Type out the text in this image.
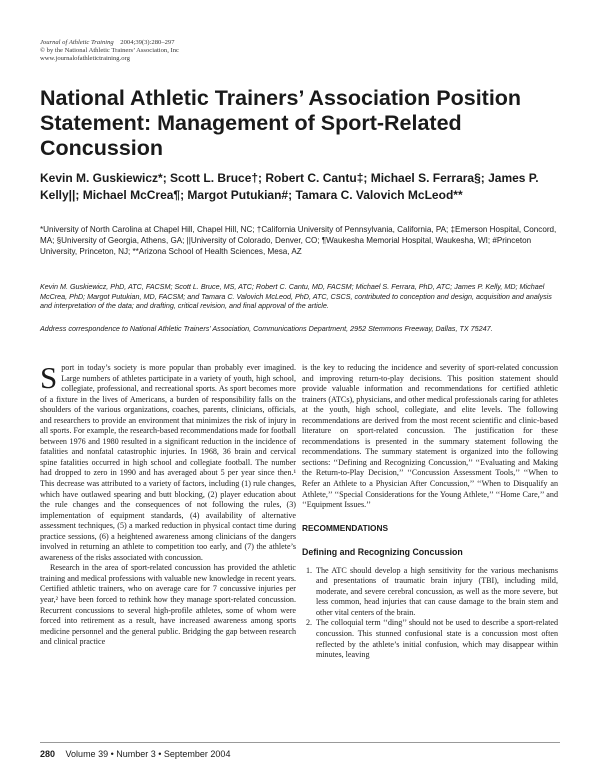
Journal of Athletic Training 2004;39(3):280–297
© by the National Athletic Trainers’ Association, Inc
www.journalofathletictraining.org
National Athletic Trainers’ Association Position Statement: Management of Sport-Related Concussion
Kevin M. Guskiewicz*; Scott L. Bruce†; Robert C. Cantu‡; Michael S. Ferrara§; James P. Kelly||; Michael McCrea¶; Margot Putukian#; Tamara C. Valovich McLeod**
*University of North Carolina at Chapel Hill, Chapel Hill, NC; †California University of Pennsylvania, California, PA; ‡Emerson Hospital, Concord, MA; §University of Georgia, Athens, GA; ||University of Colorado, Denver, CO; ¶Waukesha Memorial Hospital, Waukesha, WI; #Princeton University, Princeton, NJ; **Arizona School of Health Sciences, Mesa, AZ
Kevin M. Guskiewicz, PhD, ATC, FACSM; Scott L. Bruce, MS, ATC; Robert C. Cantu, MD, FACSM; Michael S. Ferrara, PhD, ATC; James P. Kelly, MD; Michael McCrea, PhD; Margot Putukian, MD, FACSM; and Tamara C. Valovich McLeod, PhD, ATC, CSCS, contributed to conception and design, acquisition and analysis and interpretation of the data; and drafting, critical revision, and final approval of the article.
Address correspondence to National Athletic Trainers’ Association, Communications Department, 2952 Stemmons Freeway, Dallas, TX 75247.

Sport in today’s society is more popular than probably ever imagined. Large numbers of athletes participate in a variety of youth, high school, collegiate, professional, and recreational sports. As sport becomes more of a fixture in the lives of Americans, a burden of responsibility falls on the shoulders of the various organizations, coaches, parents, clinicians, officials, and researchers to provide an environment that minimizes the risk of injury in all sports. For example, the research-based recommendations made for football between 1976 and 1980 resulted in a significant reduction in the incidence of fatalities and nonfatal catastrophic injuries. In 1968, 36 brain and cervical spine fatalities occurred in high school and collegiate football. The number had dropped to zero in 1990 and has averaged about 5 per year since then.¹ This decrease was attributed to a variety of factors, including (1) rule changes, which have outlawed spearing and butt blocking, (2) player education about the rule changes and the consequences of not following the rules, (3) implementation of equipment standards, (4) availability of alternative assessment techniques, (5) a marked reduction in physical contact time during practice sessions, (6) a heightened awareness among clinicians of the dangers involved in returning an athlete to competition too early, and (7) the athlete’s awareness of the risks associated with concussion.

Research in the area of sport-related concussion has provided the athletic training and medical professions with valuable new knowledge in recent years. Certified athletic trainers, who on average care for 7 concussive injuries per year,² have been forced to rethink how they manage sport-related concussion. Recurrent concussions to several high-profile athletes, some of whom were forced into retirement as a result, have increased awareness among sports medicine personnel and the general public. Bridging the gap between research and clinical practice

is the key to reducing the incidence and severity of sport-related concussion and improving return-to-play decisions. This position statement should provide valuable information and recommendations for certified athletic trainers (ATCs), physicians, and other medical professionals caring for athletes at the youth, high school, collegiate, and elite levels. The following recommendations are derived from the most recent scientific and clinic-based literature on sport-related concussion. The justification for these recommendations is presented in the summary statement following the recommendations. The summary statement is organized into the following sections: ‘‘Defining and Recognizing Concussion,’’ ‘‘Evaluating and Making the Return-to-Play Decision,’’ ‘‘Concussion Assessment Tools,’’ ‘‘When to Refer an Athlete to a Physician After Concussion,’’ ‘‘When to Disqualify an Athlete,’’ ‘‘Special Considerations for the Young Athlete,’’ ‘‘Home Care,’’ and ‘‘Equipment Issues.’’

RECOMMENDATIONS
Defining and Recognizing Concussion
1. The ATC should develop a high sensitivity for the various mechanisms and presentations of traumatic brain injury (TBI), including mild, moderate, and severe cerebral concussion, as well as the more severe, but less common, head injuries that can cause damage to the brain stem and other vital centers of the brain.
2. The colloquial term ‘‘ding’’ should not be used to describe a sport-related concussion. This stunned confusional state is a concussion most often reflected by the athlete’s initial confusion, which may disappear within minutes, leaving
280 Volume 39 • Number 3 • September 2004
